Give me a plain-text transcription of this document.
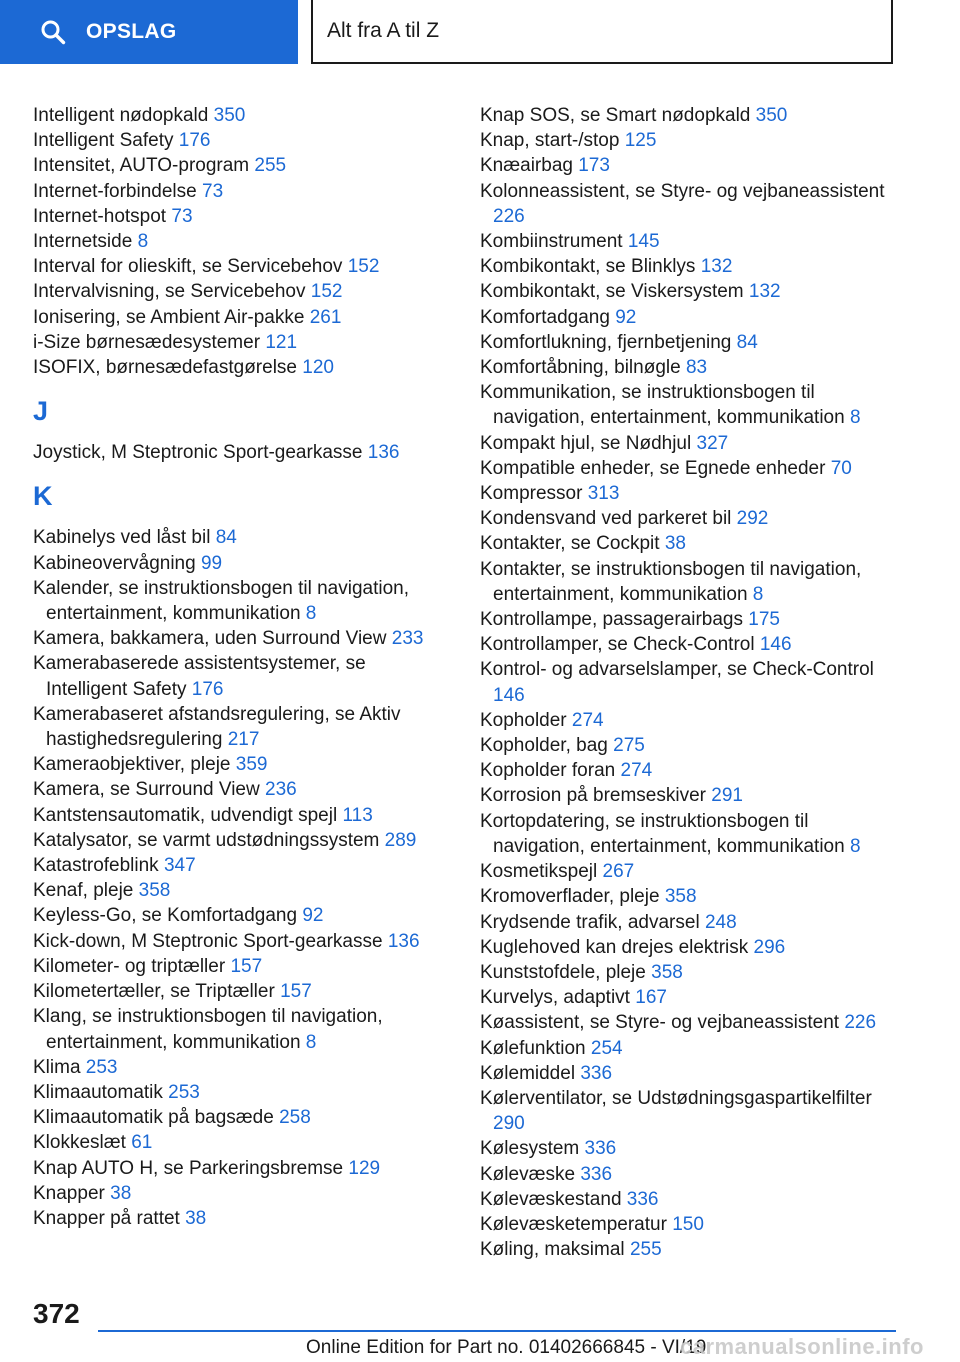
OPSLAG	Alt fra A til Z
Intelligent nødopkald 350
Intelligent Safety 176
Intensitet, AUTO-program 255
Internet-forbindelse 73
Internet-hotspot 73
Internetside 8
Interval for olieskift, se Servicebehov 152
Intervalvisning, se Servicebehov 152
Ionisering, se Ambient Air-pakke 261
i-Size børnesædesystemer 121
ISOFIX, børnesædefastgørelse 120
J
Joystick, M Steptronic Sport-gearkasse 136
K
Kabinelys ved låst bil 84
Kabineovervågning 99
Kalender, se instruktionsbogen til navigation, entertainment, kommunikation 8
Kamera, bakkamera, uden Surround View 233
Kamerabaserede assistentsystemer, se Intelligent Safety 176
Kamerabaseret afstandsregulering, se Aktiv hastighedsregulering 217
Kameraobjektiver, pleje 359
Kamera, se Surround View 236
Kantstensautomatik, udvendigt spejl 113
Katalysator, se varmt udstødningssystem 289
Katastrofeblink 347
Kenaf, pleje 358
Keyless-Go, se Komfortadgang 92
Kick-down, M Steptronic Sport-gearkasse 136
Kilometer- og triptæller 157
Kilometertæller, se Triptæller 157
Klang, se instruktionsbogen til navigation, entertainment, kommunikation 8
Klima 253
Klimaautomatik 253
Klimaautomatik på bagsæde 258
Klokkeslæt 61
Knap AUTO H, se Parkeringsbremse 129
Knapper 38
Knapper på rattet 38
Knap SOS, se Smart nødopkald 350
Knap, start-/stop 125
Knæairbag 173
Kolonneassistent, se Styre- og vejbaneassistent 226
Kombiinstrument 145
Kombikontakt, se Blinklys 132
Kombikontakt, se Viskersystem 132
Komfortadgang 92
Komfortlukning, fjernbetjening 84
Komfortåbning, bilnøgle 83
Kommunikation, se instruktionsbogen til navigation, entertainment, kommunikation 8
Kompakt hjul, se Nødhjul 327
Kompatible enheder, se Egnede enheder 70
Kompressor 313
Kondensvand ved parkeret bil 292
Kontakter, se Cockpit 38
Kontakter, se instruktionsbogen til navigation, entertainment, kommunikation 8
Kontrollampe, passagerairbags 175
Kontrollamper, se Check-Control 146
Kontrol- og advarselslamper, se Check-Control 146
Kopholder 274
Kopholder, bag 275
Kopholder foran 274
Korrosion på bremseskiver 291
Kortopdatering, se instruktionsbogen til navigation, entertainment, kommunikation 8
Kosmetikspejl 267
Kromoverflader, pleje 358
Krydsende trafik, advarsel 248
Kuglehoved kan drejes elektrisk 296
Kunststofdele, pleje 358
Kurvelys, adaptivt 167
Køassistent, se Styre- og vejbaneassistent 226
Kølefunktion 254
Kølemiddel 336
Kølerventilator, se Udstødningsgaspartikelfilter 290
Kølesystem 336
Kølevæske 336
Kølevæskestand 336
Kølevæsketemperatur 150
Køling, maksimal 255
372
Online Edition for Part no. 01402666845 - VI/19
carmanualsonline.info
